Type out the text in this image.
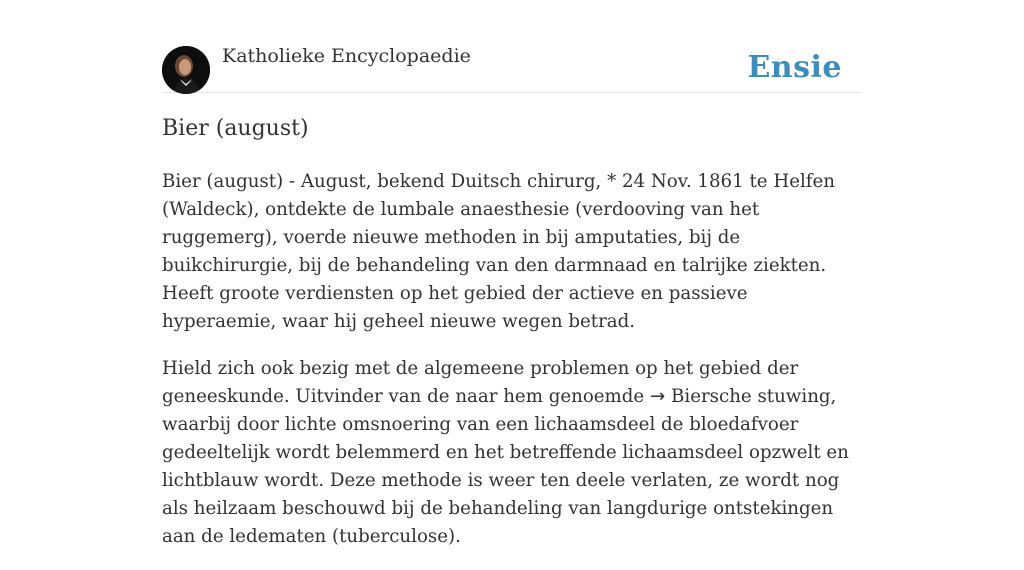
Katholieke Encyclopaedie	Ensie
Bier (august)

Bier (august) - August, bekend Duitsch chirurg, * 24 Nov. 1861 te Helfen (Waldeck), ontdekte de lumbale anaesthesie (verdooving van het ruggemerg), voerde nieuwe methoden in bij amputaties, bij de buikchirurgie, bij de behandeling van den darmnaad en talrijke ziekten. Heeft groote verdiensten op het gebied der actieve en passieve hyperaemie, waar hij geheel nieuwe wegen betrad.

Hield zich ook bezig met de algemeene problemen op het gebied der geneeskunde. Uitvinder van de naar hem genoemde → Biersche stuwing, waarbij door lichte omsnoering van een lichaamsdeel de bloedafvoer gedeeltelijk wordt belemmerd en het betreffende lichaamsdeel opzwelt en lichtblauw wordt. Deze methode is weer ten deele verlaten, ze wordt nog als heilzaam beschouwd bij de behandeling van langdurige ontstekingen aan de ledematen (tuberculose).
